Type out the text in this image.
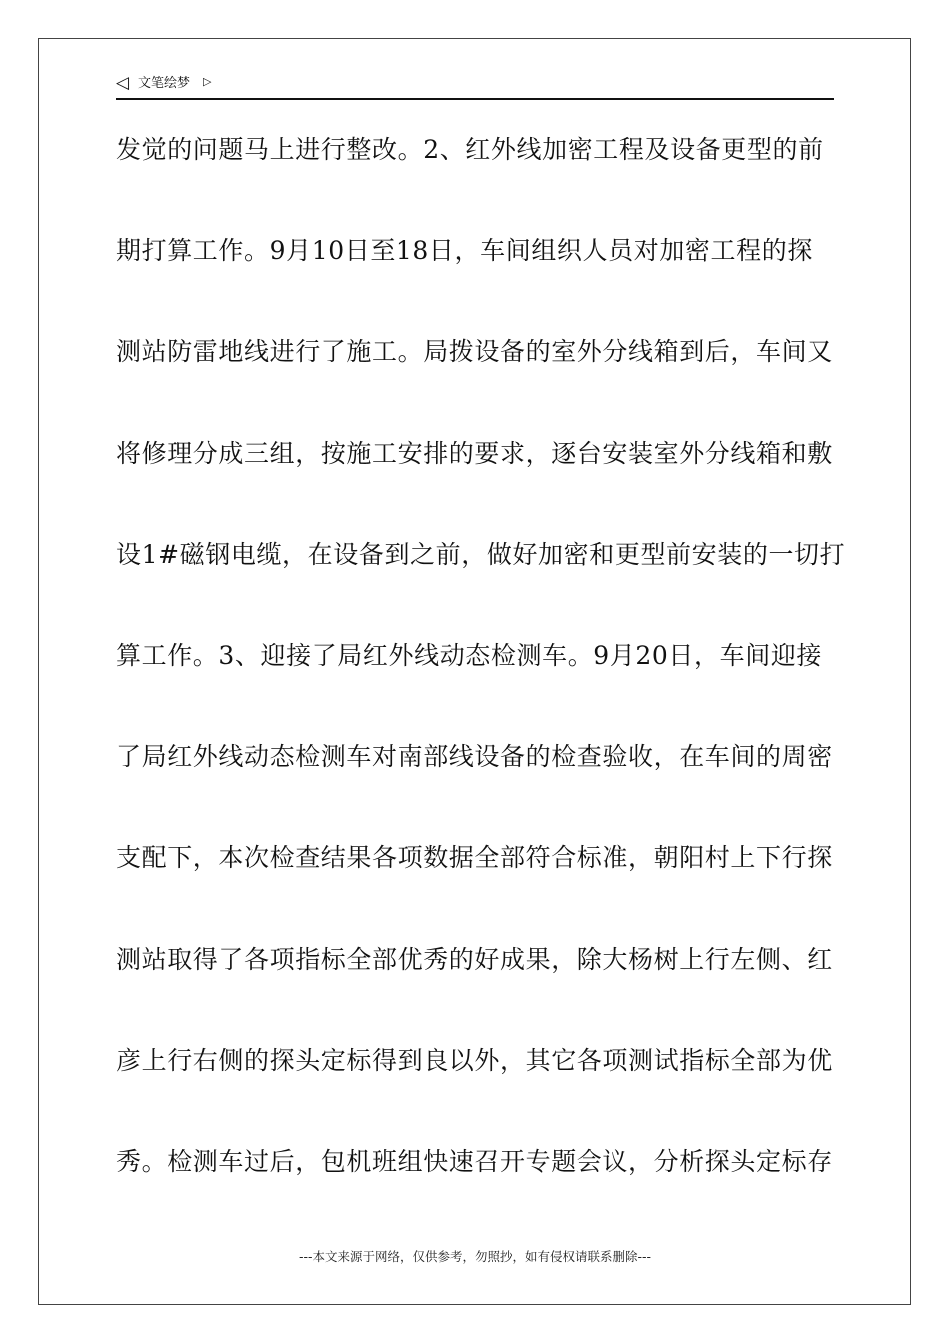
◁ 文笔绘梦 ▷
发觉的问题马上进行整改。2、红外线加密工程及设备更型的前
期打算工作。9月10日至18日，车间组织人员对加密工程的探
测站防雷地线进行了施工。局拨设备的室外分线箱到后，车间又
将修理分成三组，按施工安排的要求，逐台安装室外分线箱和敷
设1#磁钢电缆，在设备到之前，做好加密和更型前安装的一切打
算工作。3、迎接了局红外线动态检测车。9月20日，车间迎接
了局红外线动态检测车对南部线设备的检查验收，在车间的周密
支配下，本次检查结果各项数据全部符合标准，朝阳村上下行探
测站取得了各项指标全部优秀的好成果，除大杨树上行左侧、红
彦上行右侧的探头定标得到良以外，其它各项测试指标全部为优
秀。检测车过后，包机班组快速召开专题会议，分析探头定标存
---本文来源于网络，仅供参考，勿照抄，如有侵权请联系删除---
